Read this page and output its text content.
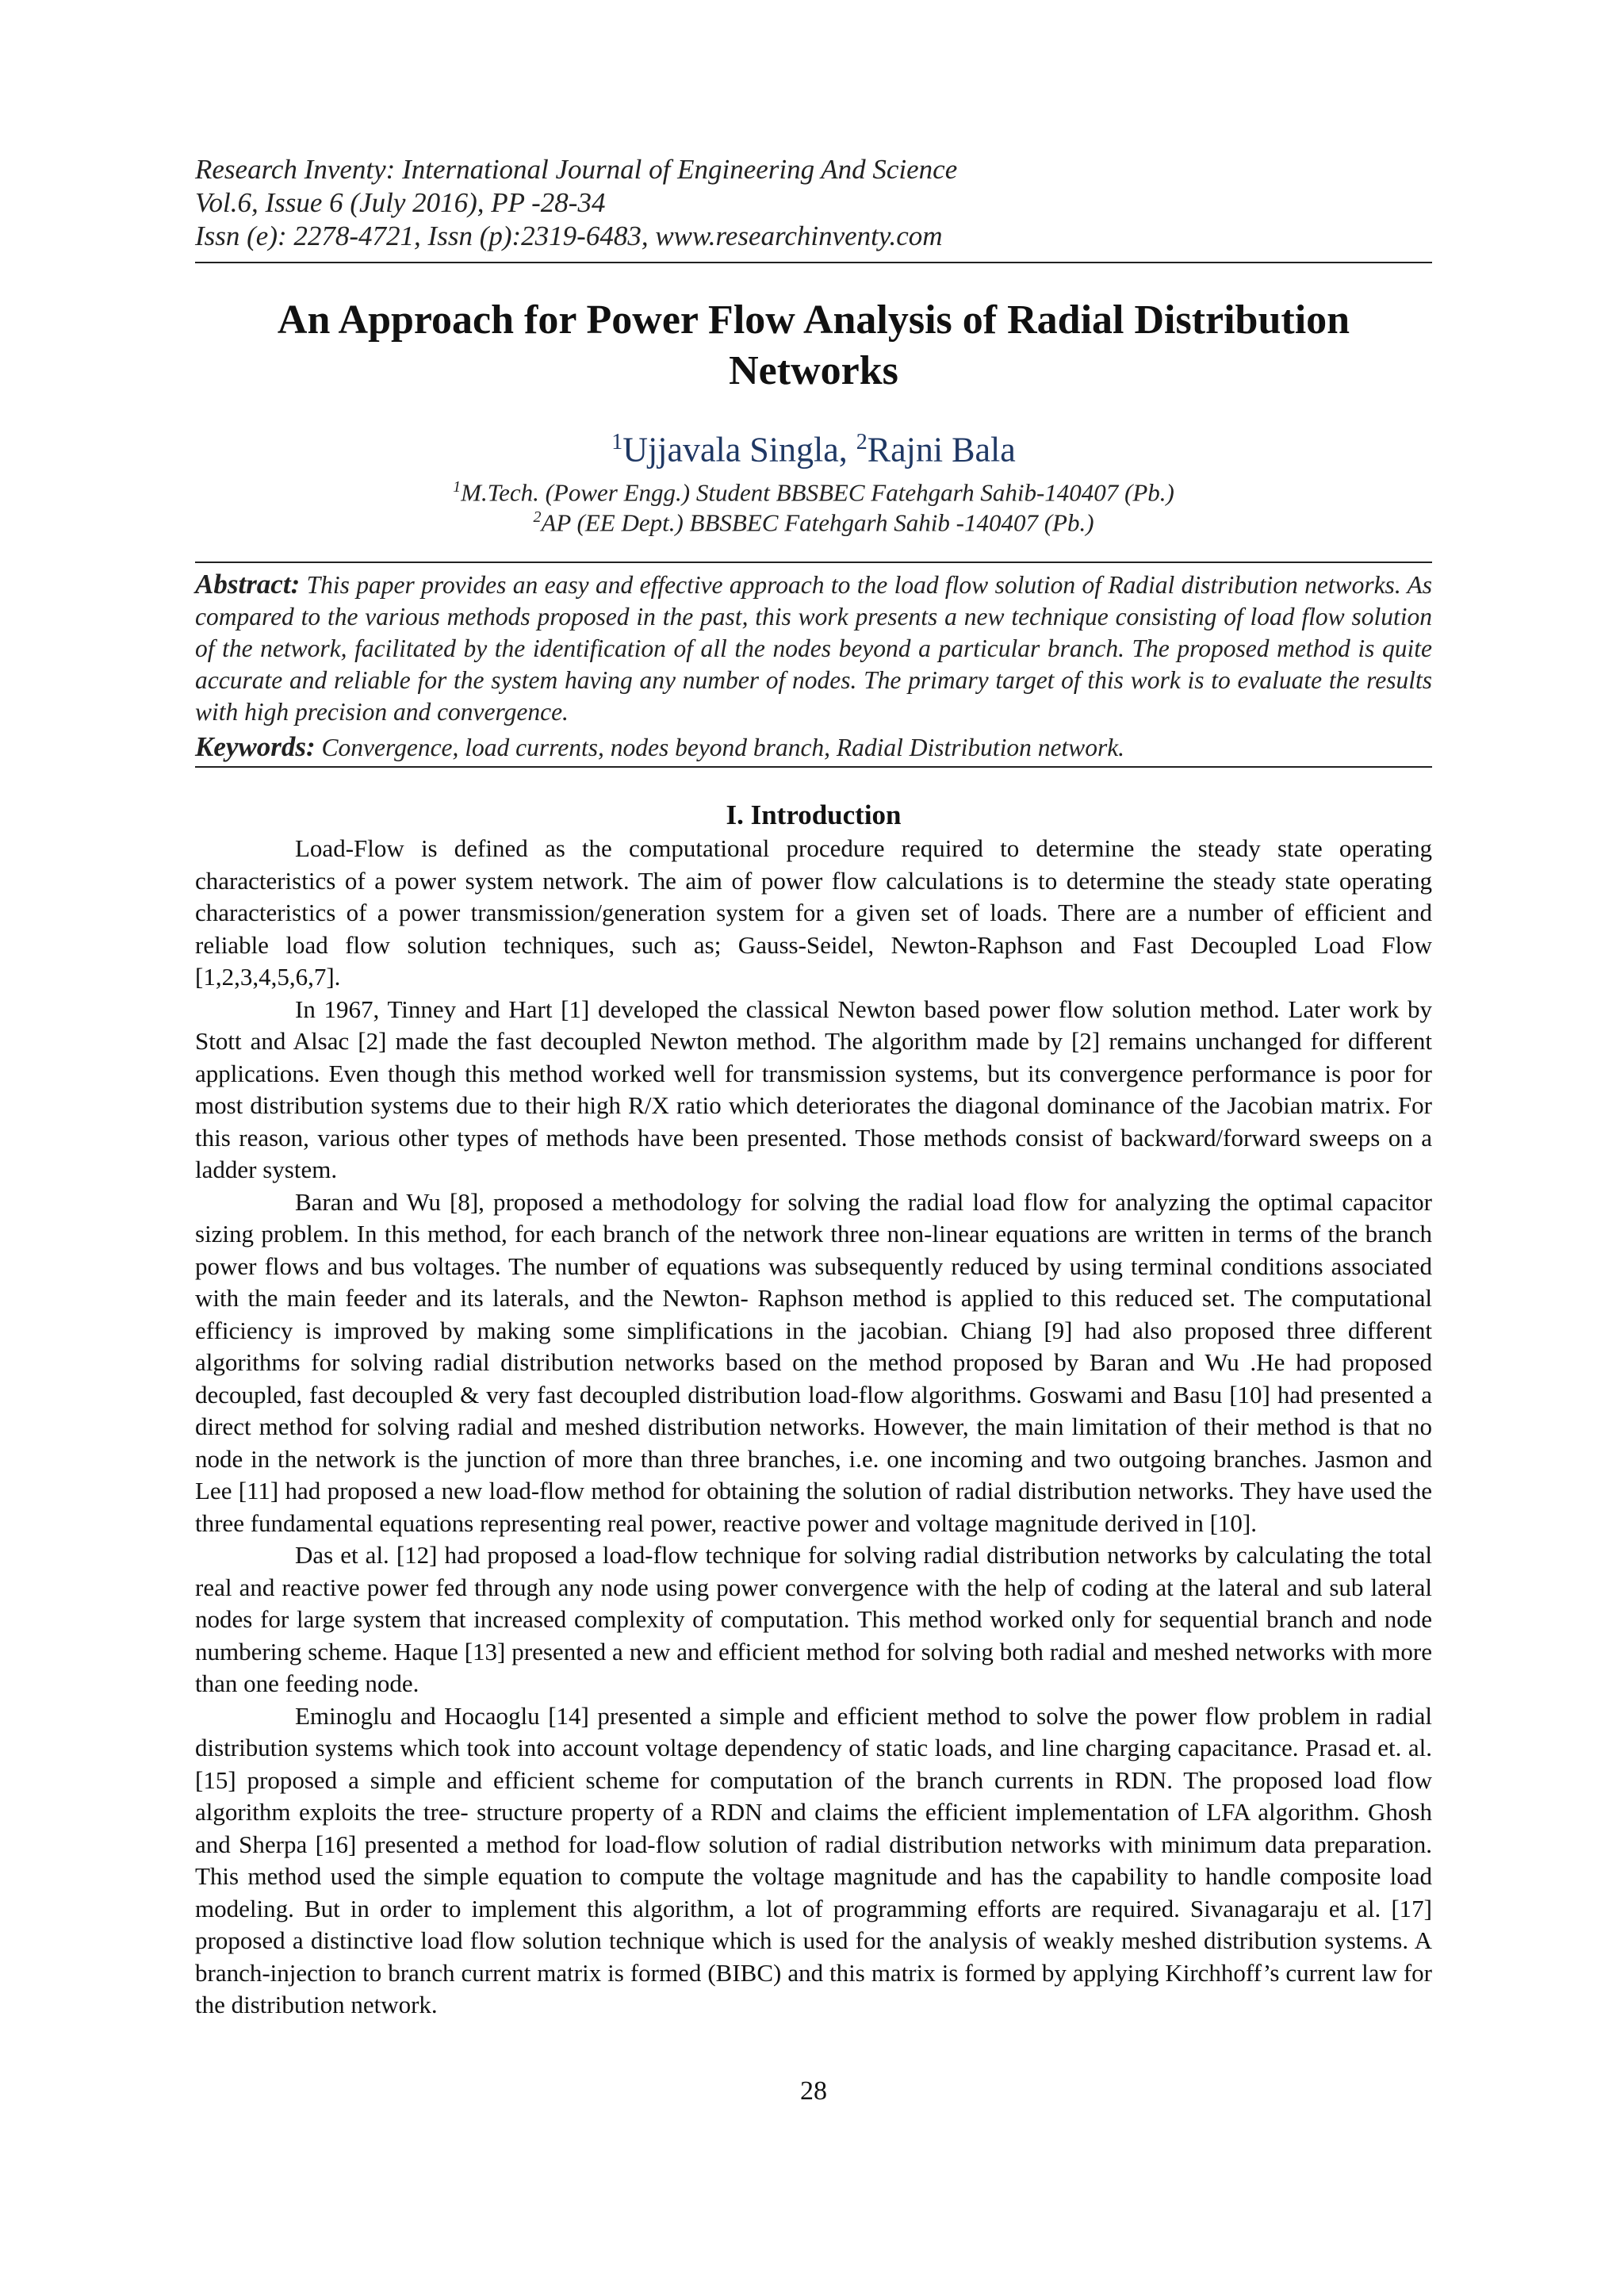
Research Inventy: International Journal of Engineering And Science
Vol.6, Issue 6 (July 2016), PP -28-34
Issn (e): 2278-4721, Issn (p):2319-6483, www.researchinventy.com
An Approach for Power Flow Analysis of Radial Distribution
Networks
$^1$Ujjavala Singla, $^2$Rajni Bala
$^1$M.Tech. (Power Engg.) Student BBSBEC Fatehgarh Sahib-140407 (Pb.)
$^2$AP (EE Dept.) BBSBEC Fatehgarh Sahib -140407 (Pb.)
Abstract: This paper provides an easy and effective approach to the load flow solution of Radial distribution networks. As compared to the various methods proposed in the past, this work presents a new technique consisting of load flow solution of the network, facilitated by the identification of all the nodes beyond a particular branch. The proposed method is quite accurate and reliable for the system having any number of nodes. The primary target of this work is to evaluate the results with high precision and convergence.
Keywords: Convergence, load currents, nodes beyond branch, Radial Distribution network.
I. Introduction

Load-Flow is defined as the computational procedure required to determine the steady state operating characteristics of a power system network. The aim of power flow calculations is to determine the steady state operating characteristics of a power transmission/generation system for a given set of loads. There are a number of efficient and reliable load flow solution techniques, such as; Gauss-Seidel, Newton-Raphson and Fast Decoupled Load Flow [1,2,3,4,5,6,7].

In 1967, Tinney and Hart [1] developed the classical Newton based power flow solution method. Later work by Stott and Alsac [2] made the fast decoupled Newton method. The algorithm made by [2] remains unchanged for different applications. Even though this method worked well for transmission systems, but its convergence performance is poor for most distribution systems due to their high R/X ratio which deteriorates the diagonal dominance of the Jacobian matrix. For this reason, various other types of methods have been presented. Those methods consist of backward/forward sweeps on a ladder system.

Baran and Wu [8], proposed a methodology for solving the radial load flow for analyzing the optimal capacitor sizing problem. In this method, for each branch of the network three non-linear equations are written in terms of the branch power flows and bus voltages. The number of equations was subsequently reduced by using terminal conditions associated with the main feeder and its laterals, and the Newton- Raphson method is applied to this reduced set. The computational efficiency is improved by making some simplifications in the jacobian. Chiang [9] had also proposed three different algorithms for solving radial distribution networks based on the method proposed by Baran and Wu .He had proposed decoupled, fast decoupled & very fast decoupled distribution load-flow algorithms. Goswami and Basu [10] had presented a direct method for solving radial and meshed distribution networks. However, the main limitation of their method is that no node in the network is the junction of more than three branches, i.e. one incoming and two outgoing branches. Jasmon and Lee [11] had proposed a new load-flow method for obtaining the solution of radial distribution networks. They have used the three fundamental equations representing real power, reactive power and voltage magnitude derived in [10].

Das et al. [12] had proposed a load-flow technique for solving radial distribution networks by calculating the total real and reactive power fed through any node using power convergence with the help of coding at the lateral and sub lateral nodes for large system that increased complexity of computation. This method worked only for sequential branch and node numbering scheme. Haque [13] presented a new and efficient method for solving both radial and meshed networks with more than one feeding node.

Eminoglu and Hocaoglu [14] presented a simple and efficient method to solve the power flow problem in radial distribution systems which took into account voltage dependency of static loads, and line charging capacitance. Prasad et. al. [15] proposed a simple and efficient scheme for computation of the branch currents in RDN. The proposed load flow algorithm exploits the tree- structure property of a RDN and claims the efficient implementation of LFA algorithm. Ghosh and Sherpa [16] presented a method for load-flow solution of radial distribution networks with minimum data preparation. This method used the simple equation to compute the voltage magnitude and has the capability to handle composite load modeling. But in order to implement this algorithm, a lot of programming efforts are required. Sivanagaraju et al. [17] proposed a distinctive load flow solution technique which is used for the analysis of weakly meshed distribution systems. A branch-injection to branch current matrix is formed (BIBC) and this matrix is formed by applying Kirchhoff’s current law for the distribution network.

28
